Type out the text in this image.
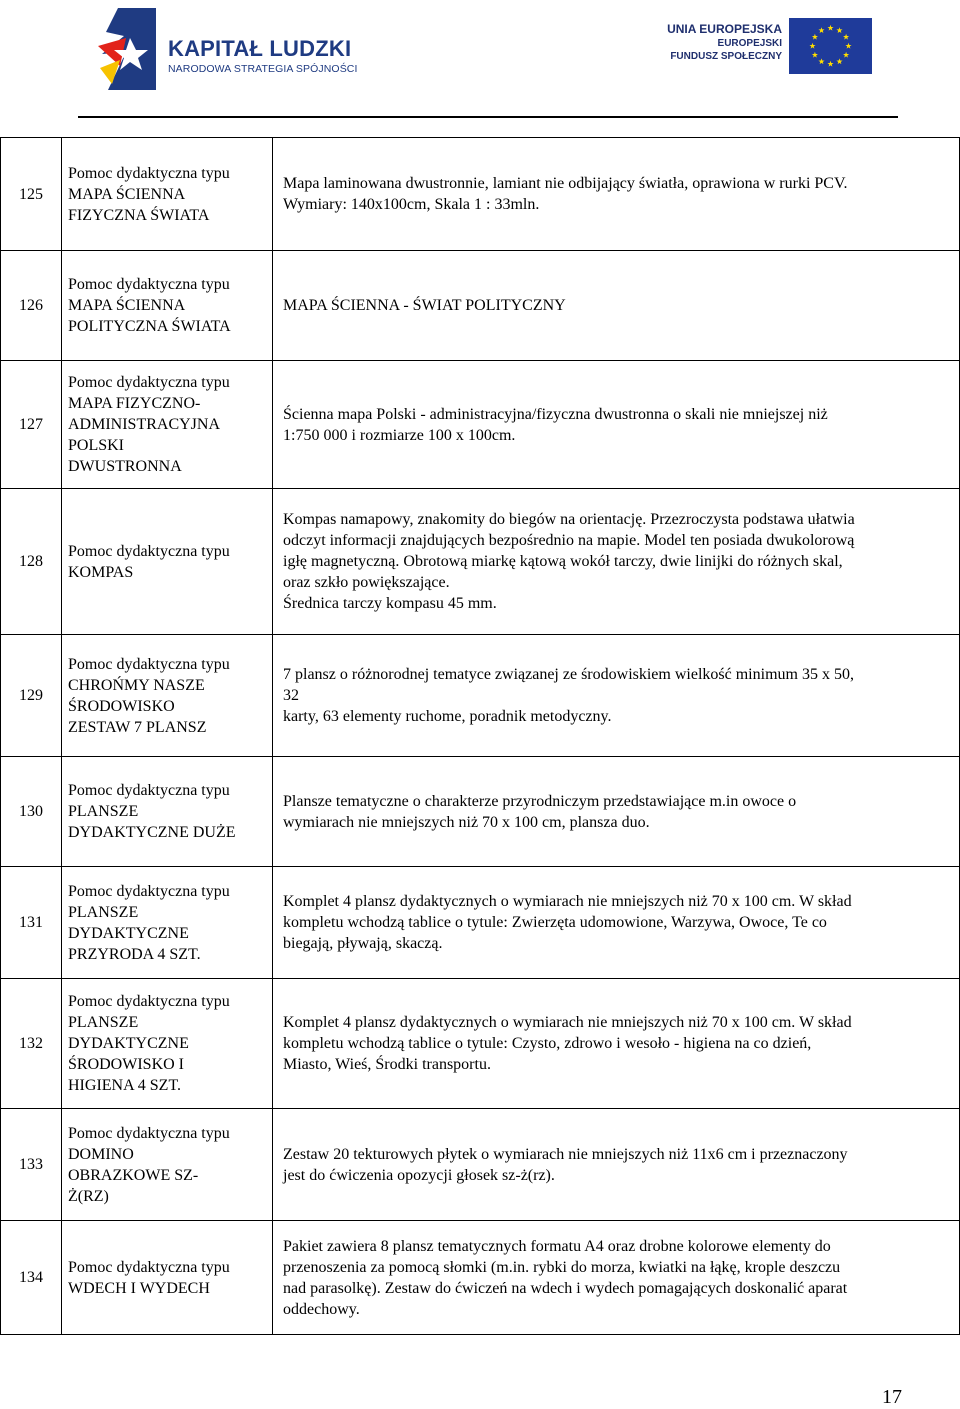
KAPITAŁ LUDZKI
NARODOWA STRATEGIA SPÓJNOŚCI
UNIA EUROPEJSKA
EUROPEJSKI
FUNDUSZ SPOŁECZNY
125	Pomoc dydaktyczna typu
MAPA ŚCIENNA
FIZYCZNA ŚWIATA	Mapa laminowana dwustronnie, lamiant nie odbijający światła, oprawiona w rurki PCV.
Wymiary: 140x100cm, Skala 1 : 33mln.

126	Pomoc dydaktyczna typu
MAPA ŚCIENNA
POLITYCZNA ŚWIATA	MAPA ŚCIENNA - ŚWIAT POLITYCZNY

127	Pomoc dydaktyczna typu
MAPA FIZYCZNO-
ADMINISTRACYJNA
POLSKI
DWUSTRONNA	Ścienna mapa Polski - administracyjna/fizyczna dwustronna o skali nie mniejszej niż
1:750 000 i rozmiarze 100 x 100cm.

128	Pomoc dydaktyczna typu
KOMPAS	Kompas namapowy, znakomity do biegów na orientację. Przezroczysta podstawa ułatwia
odczyt informacji znajdujących bezpośrednio na mapie. Model ten posiada dwukolorową
igłę magnetyczną. Obrotową miarkę kątową wokół tarczy, dwie linijki do różnych skal,
oraz szkło powiększające.
Średnica tarczy kompasu 45 mm.

129	Pomoc dydaktyczna typu
CHROŃMY NASZE
ŚRODOWISKO
ZESTAW 7 PLANSZ	7 plansz o różnorodnej tematyce związanej ze środowiskiem wielkość minimum 35 x 50,
32
karty, 63 elementy ruchome, poradnik metodyczny.

130	Pomoc dydaktyczna typu
PLANSZE
DYDAKTYCZNE DUŻE	Plansze tematyczne o charakterze przyrodniczym przedstawiające m.in owoce o
wymiarach nie mniejszych niż 70 x 100 cm, plansza duo.

131	Pomoc dydaktyczna typu
PLANSZE
DYDAKTYCZNE
PRZYRODA 4 SZT.	Komplet 4 plansz dydaktycznych o wymiarach nie mniejszych niż 70 x 100 cm. W skład
kompletu wchodzą tablice o tytule: Zwierzęta udomowione, Warzywa, Owoce, Te co
biegają, pływają, skaczą.

132	Pomoc dydaktyczna typu
PLANSZE
DYDAKTYCZNE
ŚRODOWISKO I
HIGIENA 4 SZT.	Komplet 4 plansz dydaktycznych o wymiarach nie mniejszych niż 70 x 100 cm. W skład
kompletu wchodzą tablice o tytule: Czysto, zdrowo i wesoło - higiena na co dzień,
Miasto, Wieś, Środki transportu.

133	Pomoc dydaktyczna typu
DOMINO
OBRAZKOWE SZ-
Ż(RZ)	Zestaw 20 tekturowych płytek o wymiarach nie mniejszych niż 11x6 cm i przeznaczony
jest do ćwiczenia opozycji głosek sz-ż(rz).

134	Pomoc dydaktyczna typu
WDECH I WYDECH	Pakiet zawiera 8 plansz tematycznych formatu A4 oraz drobne kolorowe elementy do
przenoszenia za pomocą słomki (m.in. rybki do morza, kwiatki na łąkę, krople deszczu
nad parasolkę). Zestaw do ćwiczeń na wdech i wydech pomagających doskonalić aparat
oddechowy.
17
